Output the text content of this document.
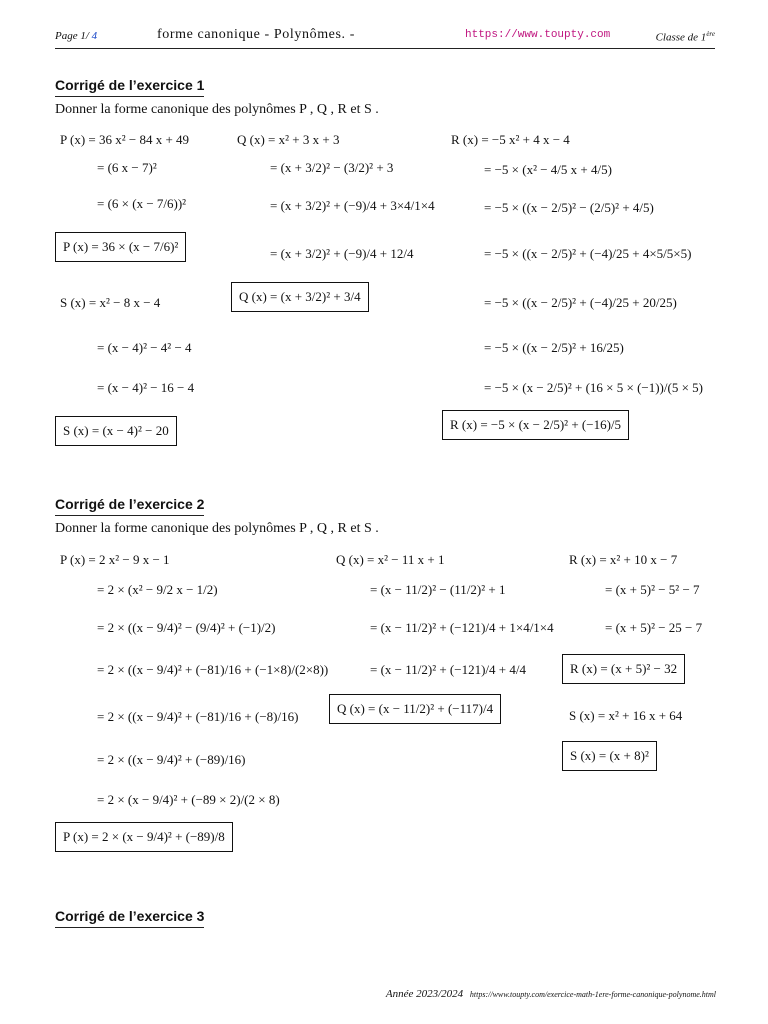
Page 1/ 4	forme canonique - Polynômes. -	https://www.toupty.com	Classe de 1ère
Corrigé de l’exercice 1
Donner la forme canonique des polynômes P , Q , R et S .
P (x) = 36 x² − 84 x + 49
= (6 x − 7)²
= (6 × (x − 7/6))²
P (x) = 36 × (x − 7/6)²
Q (x) = x² + 3 x + 3
= (x + 3/2)² − (3/2)² + 3
= (x + 3/2)² + (−9)/4 + 3×4/1×4
= (x + 3/2)² + (−9)/4 + 12/4
Q (x) = (x + 3/2)² + 3/4
R (x) = −5 x² + 4 x − 4
= −5 × (x² − 4/5 x + 4/5)
= −5 × ((x − 2/5)² − (2/5)² + 4/5)
= −5 × ((x − 2/5)² + (−4)/25 + 4×5/5×5)
= −5 × ((x − 2/5)² + (−4)/25 + 20/25)
= −5 × ((x − 2/5)² + 16/25)
= −5 × (x − 2/5)² + (16 × 5 × (−1))/(5 × 5)
R (x) = −5 × (x − 2/5)² + (−16)/5
S (x) = x² − 8 x − 4
= (x − 4)² − 4² − 4
= (x − 4)² − 16 − 4
S (x) = (x − 4)² − 20
Corrigé de l’exercice 2
Donner la forme canonique des polynômes P , Q , R et S .
P (x) = 2 x² − 9 x − 1
= 2 × (x² − 9/2 x − 1/2)
= 2 × ((x − 9/4)² − (9/4)² + (−1)/2)
= 2 × ((x − 9/4)² + (−81)/16 + (−1×8)/(2×8))
= 2 × ((x − 9/4)² + (−81)/16 + (−8)/16)
= 2 × ((x − 9/4)² + (−89)/16)
= 2 × (x − 9/4)² + (−89 × 2)/(2 × 8)
P (x) = 2 × (x − 9/4)² + (−89)/8
Q (x) = x² − 11 x + 1
= (x − 11/2)² − (11/2)² + 1
= (x − 11/2)² + (−121)/4 + 1×4/1×4
= (x − 11/2)² + (−121)/4 + 4/4
Q (x) = (x − 11/2)² + (−117)/4
R (x) = x² + 10 x − 7
= (x + 5)² − 5² − 7
= (x + 5)² − 25 − 7
R (x) = (x + 5)² − 32
S (x) = x² + 16 x + 64
S (x) = (x + 8)²
Corrigé de l’exercice 3
Année 2023/2024 https://www.toupty.com/exercice-math-1ere-forme-canonique-polynome.html
